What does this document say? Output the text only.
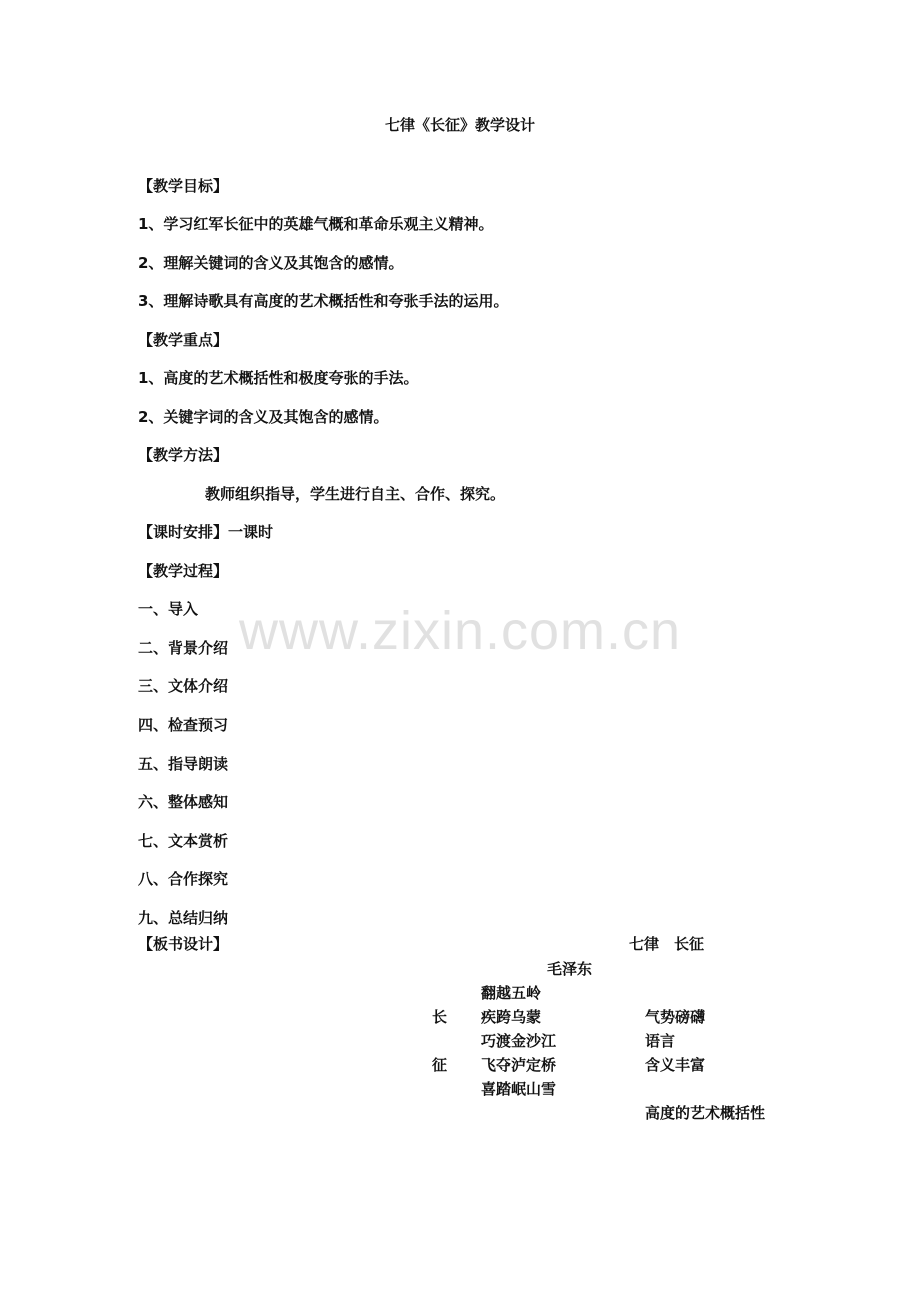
www.zixin.com.cn
七律《长征》教学设计
【教学目标】
1、学习红军长征中的英雄气概和革命乐观主义精神。
2、理解关键词的含义及其饱含的感情。
3、理解诗歌具有高度的艺术概括性和夸张手法的运用。
【教学重点】
1、高度的艺术概括性和极度夸张的手法。
2、关键字词的含义及其饱含的感情。
【教学方法】
教师组织指导，学生进行自主、合作、探究。
【课时安排】一课时
【教学过程】
一、导入
二、背景介绍
三、文体介绍
四、检查预习
五、指导朗读
六、整体感知
七、文本赏析
八、合作探究
九、总结归纳
【板书设计】	七律　长征
毛泽东
翻越五岭
长 疾跨乌蒙	气势磅礴
巧渡金沙江	语言
征 飞夺泸定桥	含义丰富
喜踏岷山雪
高度的艺术概括性
